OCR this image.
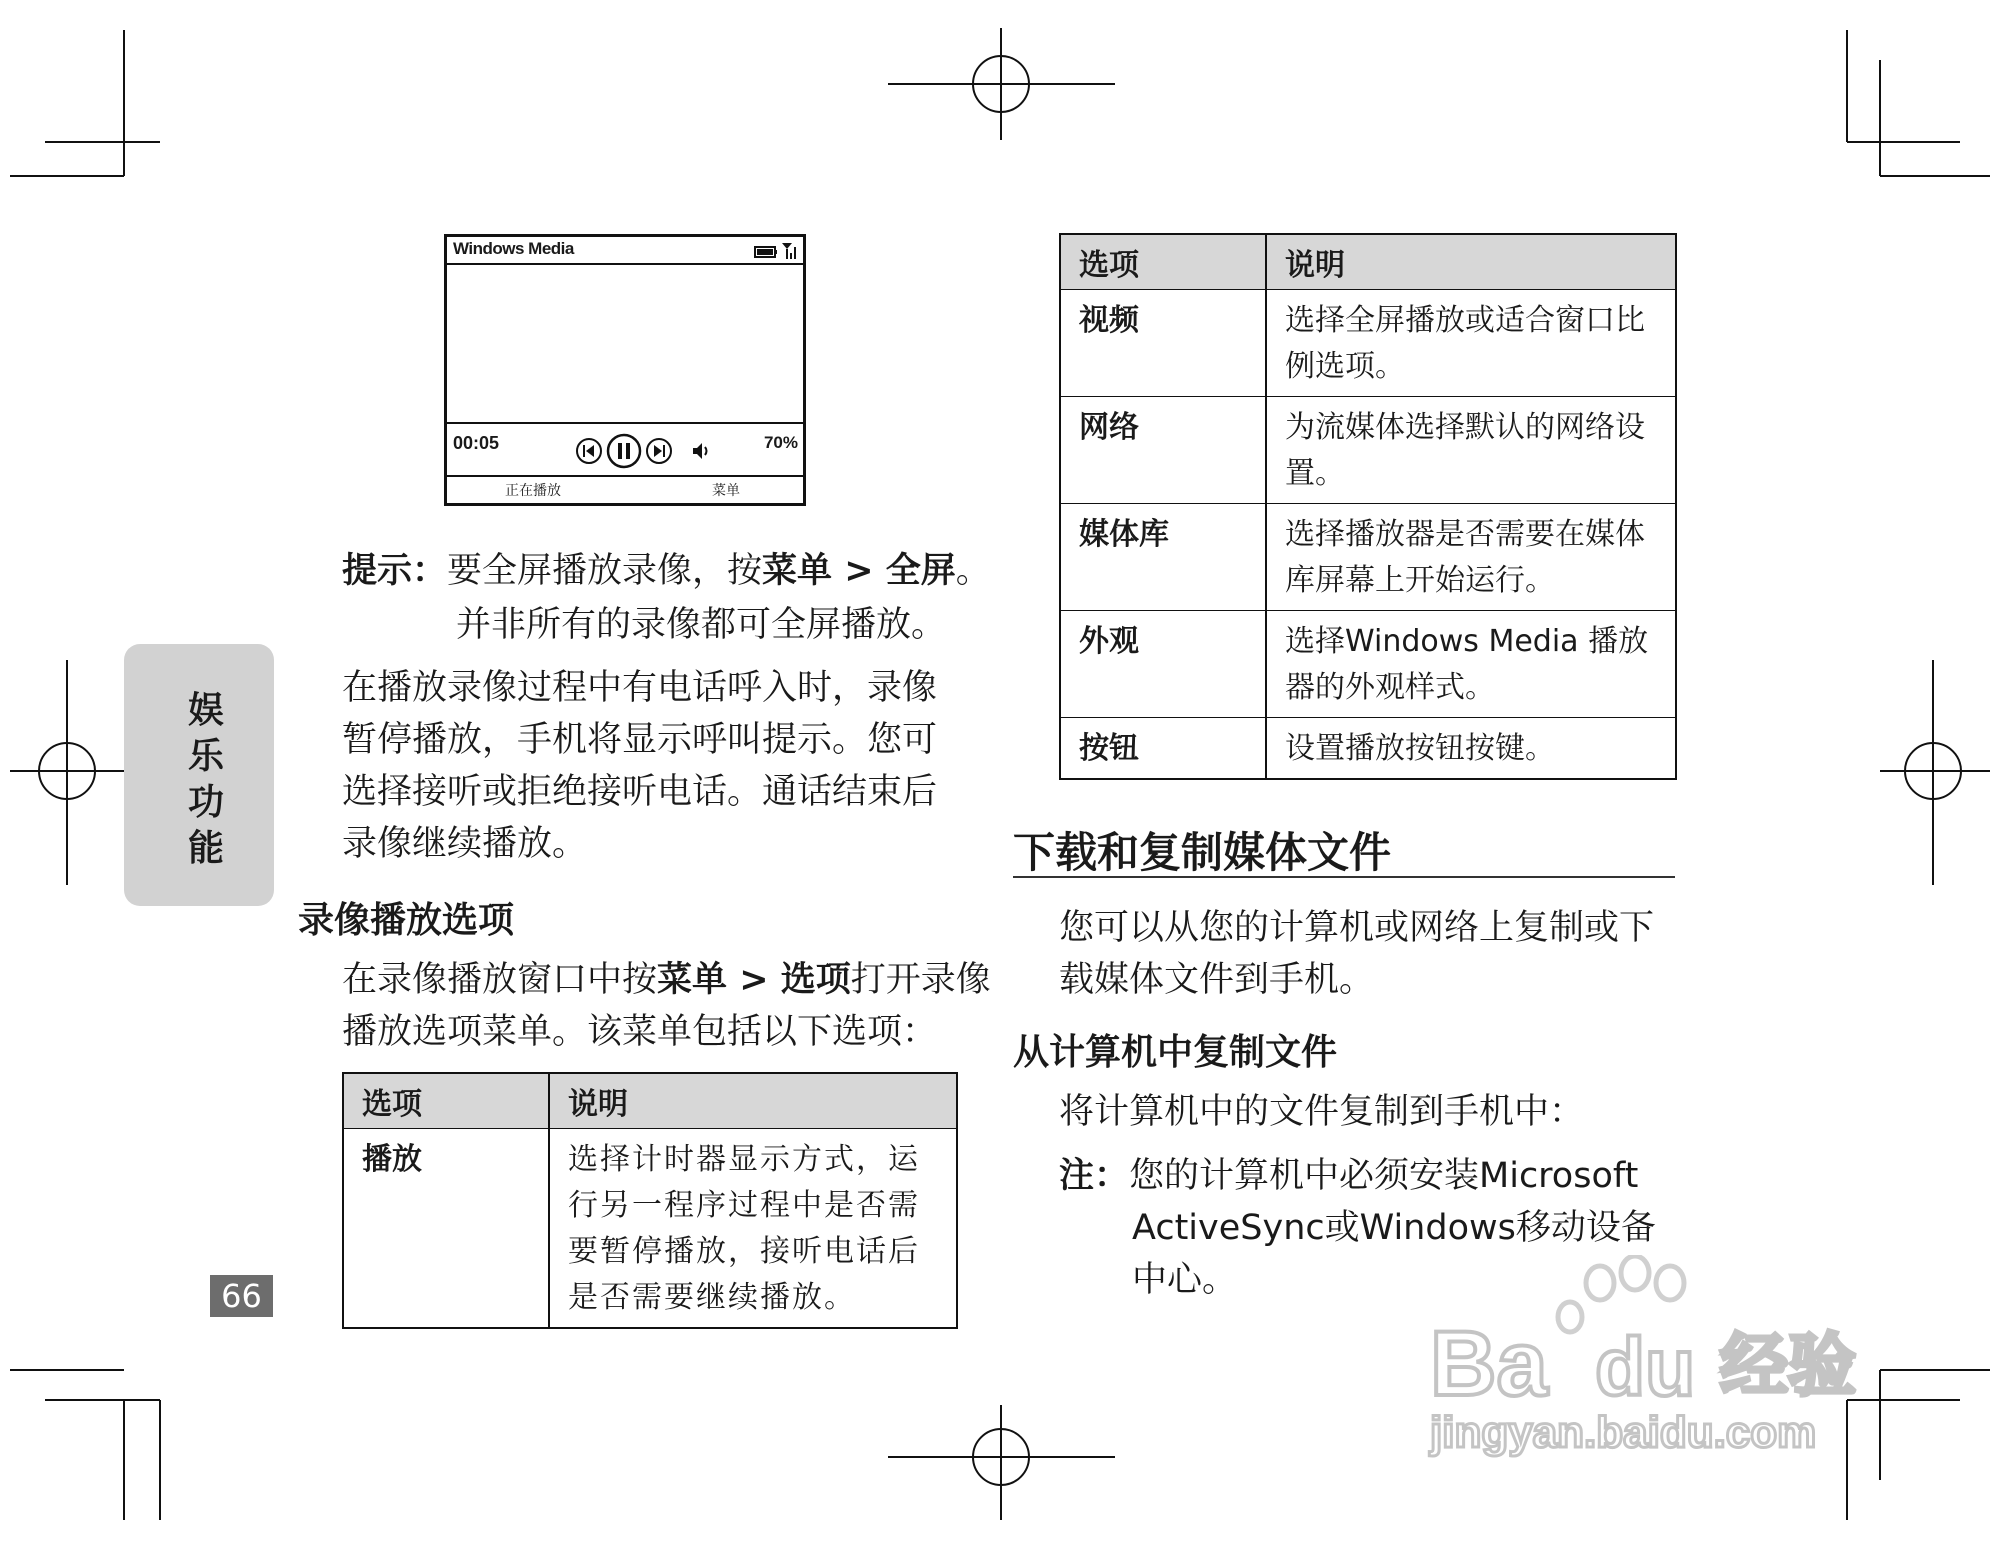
Windows Media
00:05	70%
正在播放	菜单
提示：要全屏播放录像，按菜单 > 全屏。
并非所有的录像都可全屏播放。
在播放录像过程中有电话呼入时，录像
暂停播放，手机将显示呼叫提示。您可
选择接听或拒绝接听电话。通话结束后
录像继续播放。
录像播放选项
在录像播放窗口中按菜单 > 选项打开录像
播放选项菜单。该菜单包括以下选项：
选项	说明
播放	选择计时器显示方式，运行另一程序过程中是否需要暂停播放，接听电话后是否需要继续播放。
选项	说明
视频	选择全屏播放或适合窗口比例选项。
网络	为流媒体选择默认的网络设置。
媒体库	选择播放器是否需要在媒体库屏幕上开始运行。
外观	选择Windows Media 播放器的外观样式。
按钮	设置播放按钮按键。
娱乐功能
66
下载和复制媒体文件
您可以从您的计算机或网络上复制或下
载媒体文件到手机。
从计算机中复制文件
将计算机中的文件复制到手机中：
注：您的计算机中必须安装Microsoft
ActiveSync或Windows移动设备
中心。
Ba du 经验
jingyan.baidu.com
